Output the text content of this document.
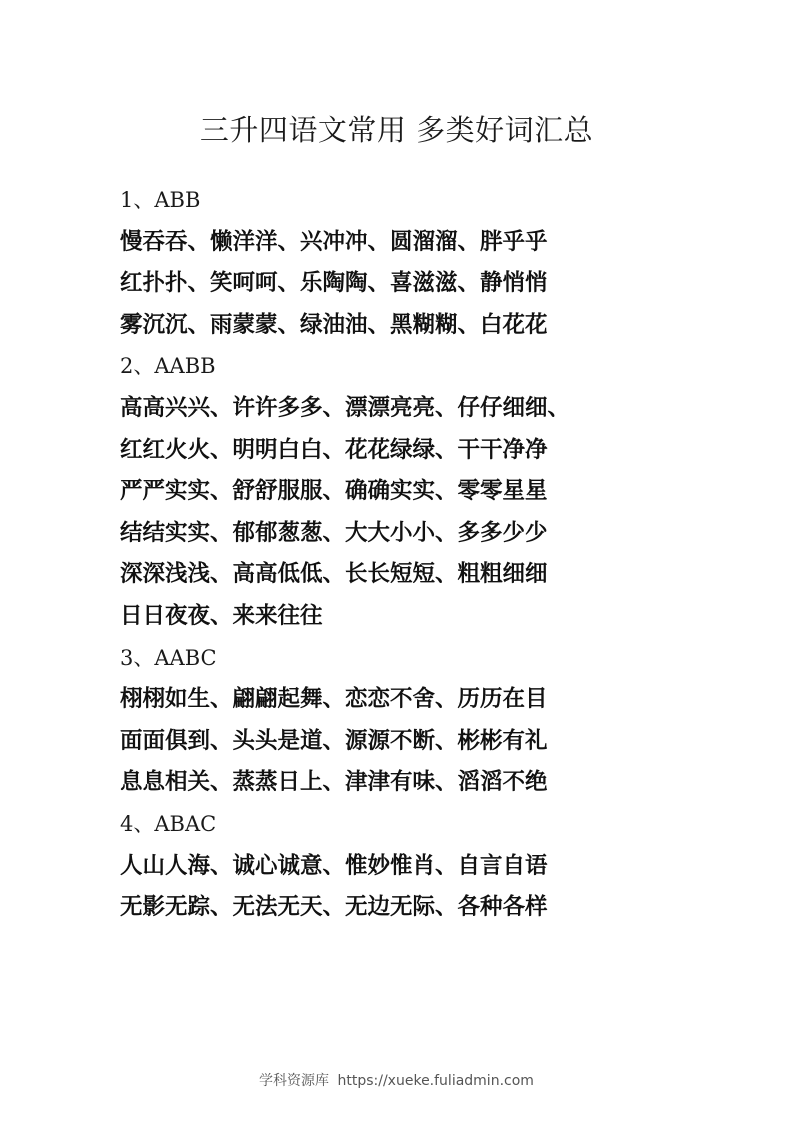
三升四语文常用 多类好词汇总
1、ABB
慢吞吞、懒洋洋、兴冲冲、圆溜溜、胖乎乎
红扑扑、笑呵呵、乐陶陶、喜滋滋、静悄悄
雾沉沉、雨蒙蒙、绿油油、黑糊糊、白花花
2、AABB
高高兴兴、许许多多、漂漂亮亮、仔仔细细、
红红火火、明明白白、花花绿绿、干干净净
严严实实、舒舒服服、确确实实、零零星星
结结实实、郁郁葱葱、大大小小、多多少少
深深浅浅、高高低低、长长短短、粗粗细细
日日夜夜、来来往往
3、AABC
栩栩如生、翩翩起舞、恋恋不舍、历历在目
面面俱到、头头是道、源源不断、彬彬有礼
息息相关、蒸蒸日上、津津有味、滔滔不绝
4、ABAC
人山人海、诚心诚意、惟妙惟肖、自言自语
无影无踪、无法无天、无边无际、各种各样
学科资源库 https://xueke.fuliadmin.com
